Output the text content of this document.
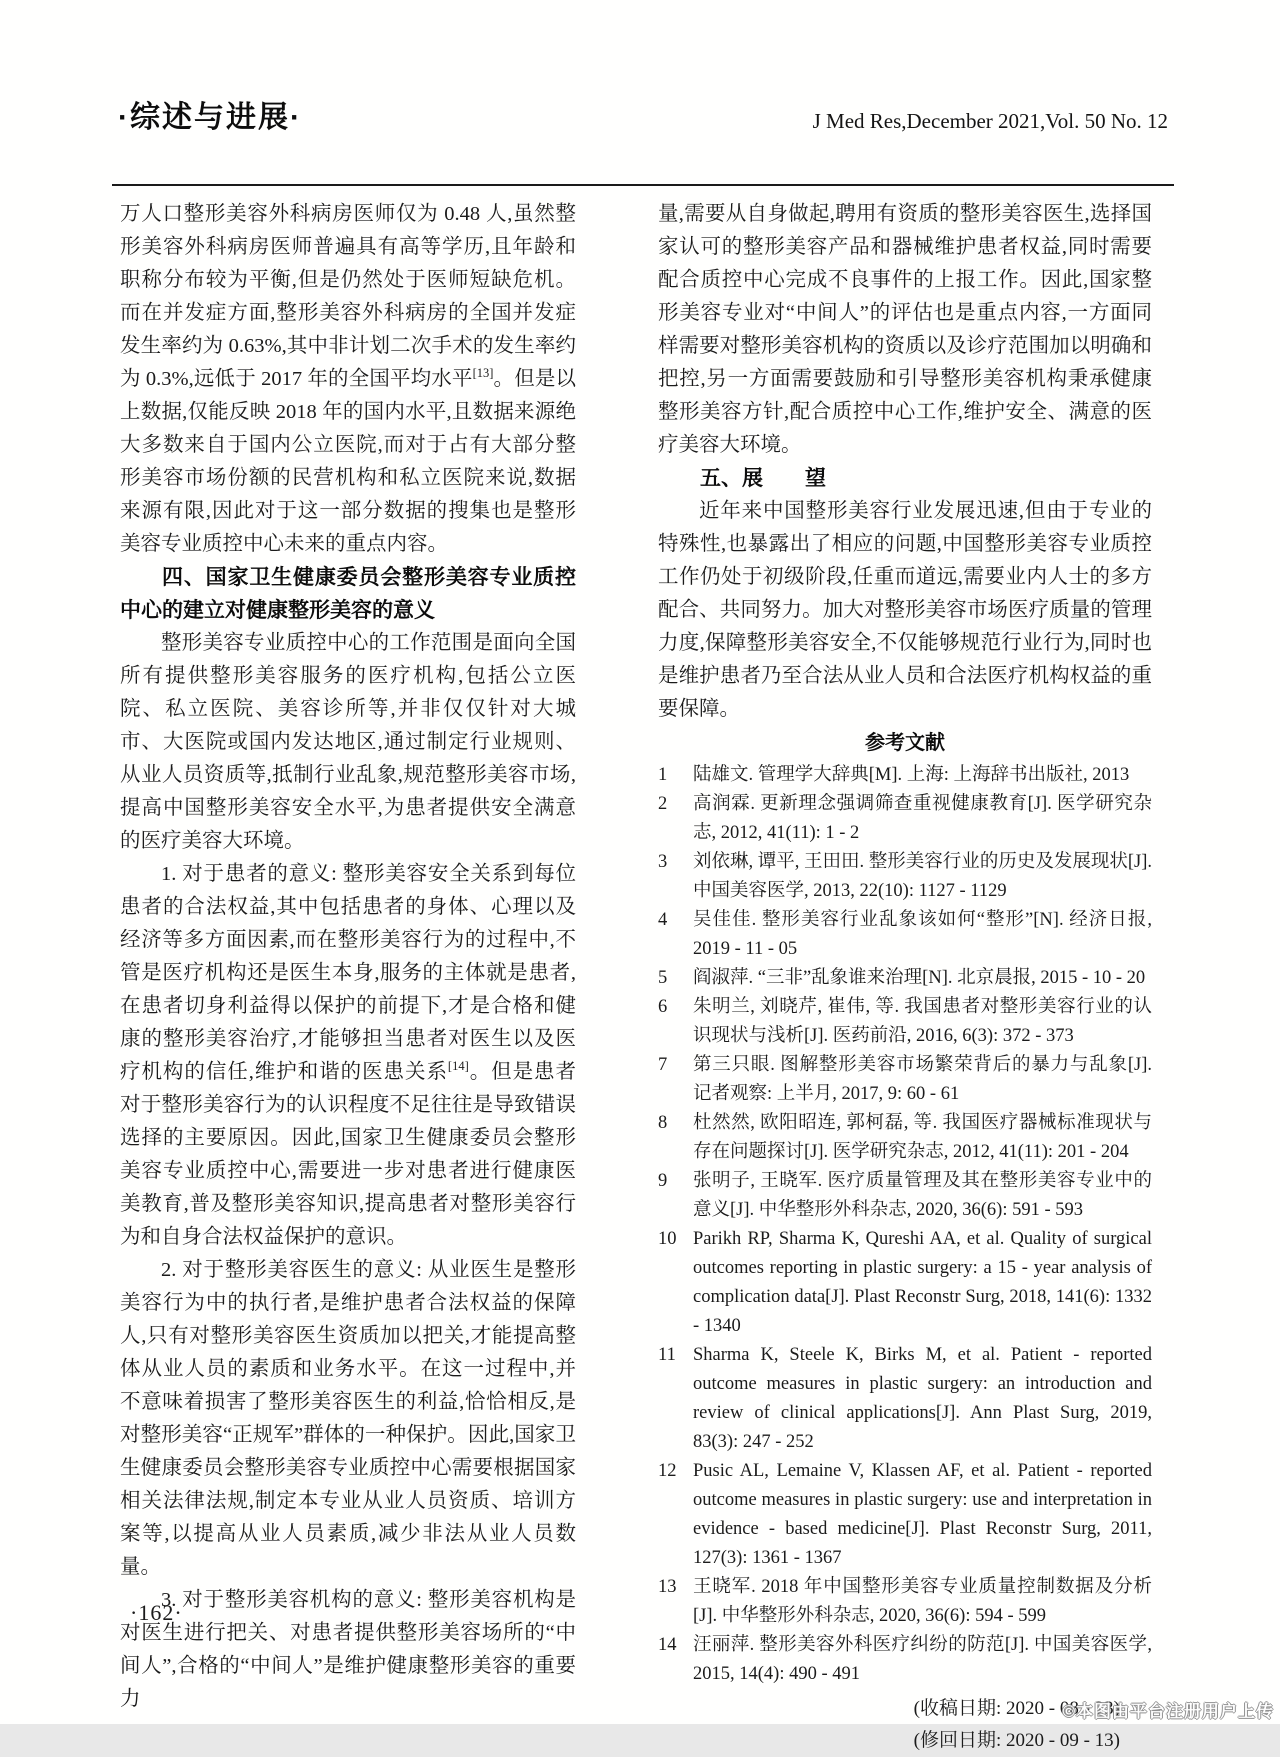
·综述与进展·	J Med Res,December 2021,Vol. 50 No. 12

万人口整形美容外科病房医师仅为 0.48 人,虽然整形美容外科病房医师普遍具有高等学历,且年龄和职称分布较为平衡,但是仍然处于医师短缺危机。而在并发症方面,整形美容外科病房的全国并发症发生率约为 0.63%,其中非计划二次手术的发生率约为 0.3%,远低于 2017 年的全国平均水平[13]。但是以上数据,仅能反映 2018 年的国内水平,且数据来源绝大多数来自于国内公立医院,而对于占有大部分整形美容市场份额的民营机构和私立医院来说,数据来源有限,因此对于这一部分数据的搜集也是整形美容专业质控中心未来的重点内容。

四、国家卫生健康委员会整形美容专业质控中心的建立对健康整形美容的意义

整形美容专业质控中心的工作范围是面向全国所有提供整形美容服务的医疗机构,包括公立医院、私立医院、美容诊所等,并非仅仅针对大城市、大医院或国内发达地区,通过制定行业规则、从业人员资质等,抵制行业乱象,规范整形美容市场,提高中国整形美容安全水平,为患者提供安全满意的医疗美容大环境。

1. 对于患者的意义: 整形美容安全关系到每位患者的合法权益,其中包括患者的身体、心理以及经济等多方面因素,而在整形美容行为的过程中,不管是医疗机构还是医生本身,服务的主体就是患者,在患者切身利益得以保护的前提下,才是合格和健康的整形美容治疗,才能够担当患者对医生以及医疗机构的信任,维护和谐的医患关系[14]。但是患者对于整形美容行为的认识程度不足往往是导致错误选择的主要原因。因此,国家卫生健康委员会整形美容专业质控中心,需要进一步对患者进行健康医美教育,普及整形美容知识,提高患者对整形美容行为和自身合法权益保护的意识。

2. 对于整形美容医生的意义: 从业医生是整形美容行为中的执行者,是维护患者合法权益的保障人,只有对整形美容医生资质加以把关,才能提高整体从业人员的素质和业务水平。在这一过程中,并不意味着损害了整形美容医生的利益,恰恰相反,是对整形美容“正规军”群体的一种保护。因此,国家卫生健康委员会整形美容专业质控中心需要根据国家相关法律法规,制定本专业从业人员资质、培训方案等,以提高从业人员素质,减少非法从业人员数量。

3. 对于整形美容机构的意义: 整形美容机构是对医生进行把关、对患者提供整形美容场所的“中间人”,合格的“中间人”是维护健康整形美容的重要力

量,需要从自身做起,聘用有资质的整形美容医生,选择国家认可的整形美容产品和器械维护患者权益,同时需要配合质控中心完成不良事件的上报工作。因此,国家整形美容专业对“中间人”的评估也是重点内容,一方面同样需要对整形美容机构的资质以及诊疗范围加以明确和把控,另一方面需要鼓励和引导整形美容机构秉承健康整形美容方针,配合质控中心工作,维护安全、满意的医疗美容大环境。

五、展　　望

近年来中国整形美容行业发展迅速,但由于专业的特殊性,也暴露出了相应的问题,中国整形美容专业质控工作仍处于初级阶段,任重而道远,需要业内人士的多方配合、共同努力。加大对整形美容市场医疗质量的管理力度,保障整形美容安全,不仅能够规范行业行为,同时也是维护患者乃至合法从业人员和合法医疗机构权益的重要保障。

参考文献
1	陆雄文. 管理学大辞典[M]. 上海: 上海辞书出版社, 2013
2	高润霖. 更新理念强调筛查重视健康教育[J]. 医学研究杂志, 2012, 41(11): 1 - 2
3	刘依琳, 谭平, 王田田. 整形美容行业的历史及发展现状[J]. 中国美容医学, 2013, 22(10): 1127 - 1129
4	吴佳佳. 整形美容行业乱象该如何“整形”[N]. 经济日报, 2019 - 11 - 05
5	阎淑萍. “三非”乱象谁来治理[N]. 北京晨报, 2015 - 10 - 20
6	朱明兰, 刘晓芹, 崔伟, 等. 我国患者对整形美容行业的认识现状与浅析[J]. 医药前沿, 2016, 6(3): 372 - 373
7	第三只眼. 图解整形美容市场繁荣背后的暴力与乱象[J]. 记者观察: 上半月, 2017, 9: 60 - 61
8	杜然然, 欧阳昭连, 郭柯磊, 等. 我国医疗器械标准现状与存在问题探讨[J]. 医学研究杂志, 2012, 41(11): 201 - 204
9	张明子, 王晓军. 医疗质量管理及其在整形美容专业中的意义[J]. 中华整形外科杂志, 2020, 36(6): 591 - 593
10 Parikh RP, Sharma K, Qureshi AA, et al. Quality of surgical outcomes reporting in plastic surgery: a 15 - year analysis of complication data[J]. Plast Reconstr Surg, 2018, 141(6): 1332 - 1340
11 Sharma K, Steele K, Birks M, et al. Patient - reported outcome measures in plastic surgery: an introduction and review of clinical applications[J]. Ann Plast Surg, 2019, 83(3): 247 - 252
12 Pusic AL, Lemaine V, Klassen AF, et al. Patient - reported outcome measures in plastic surgery: use and interpretation in evidence - based medicine[J]. Plast Reconstr Surg, 2011, 127(3): 1361 - 1367
13 王晓军. 2018 年中国整形美容专业质量控制数据及分析[J]. 中华整形外科杂志, 2020, 36(6): 594 - 599
14 汪丽萍. 整形美容外科医疗纠纷的防范[J]. 中国美容医学, 2015, 14(4): 490 - 491

(收稿日期: 2020 - 08 - 23)

(修回日期: 2020 - 09 - 13)

·162·
©本图由平台注册用户上传
